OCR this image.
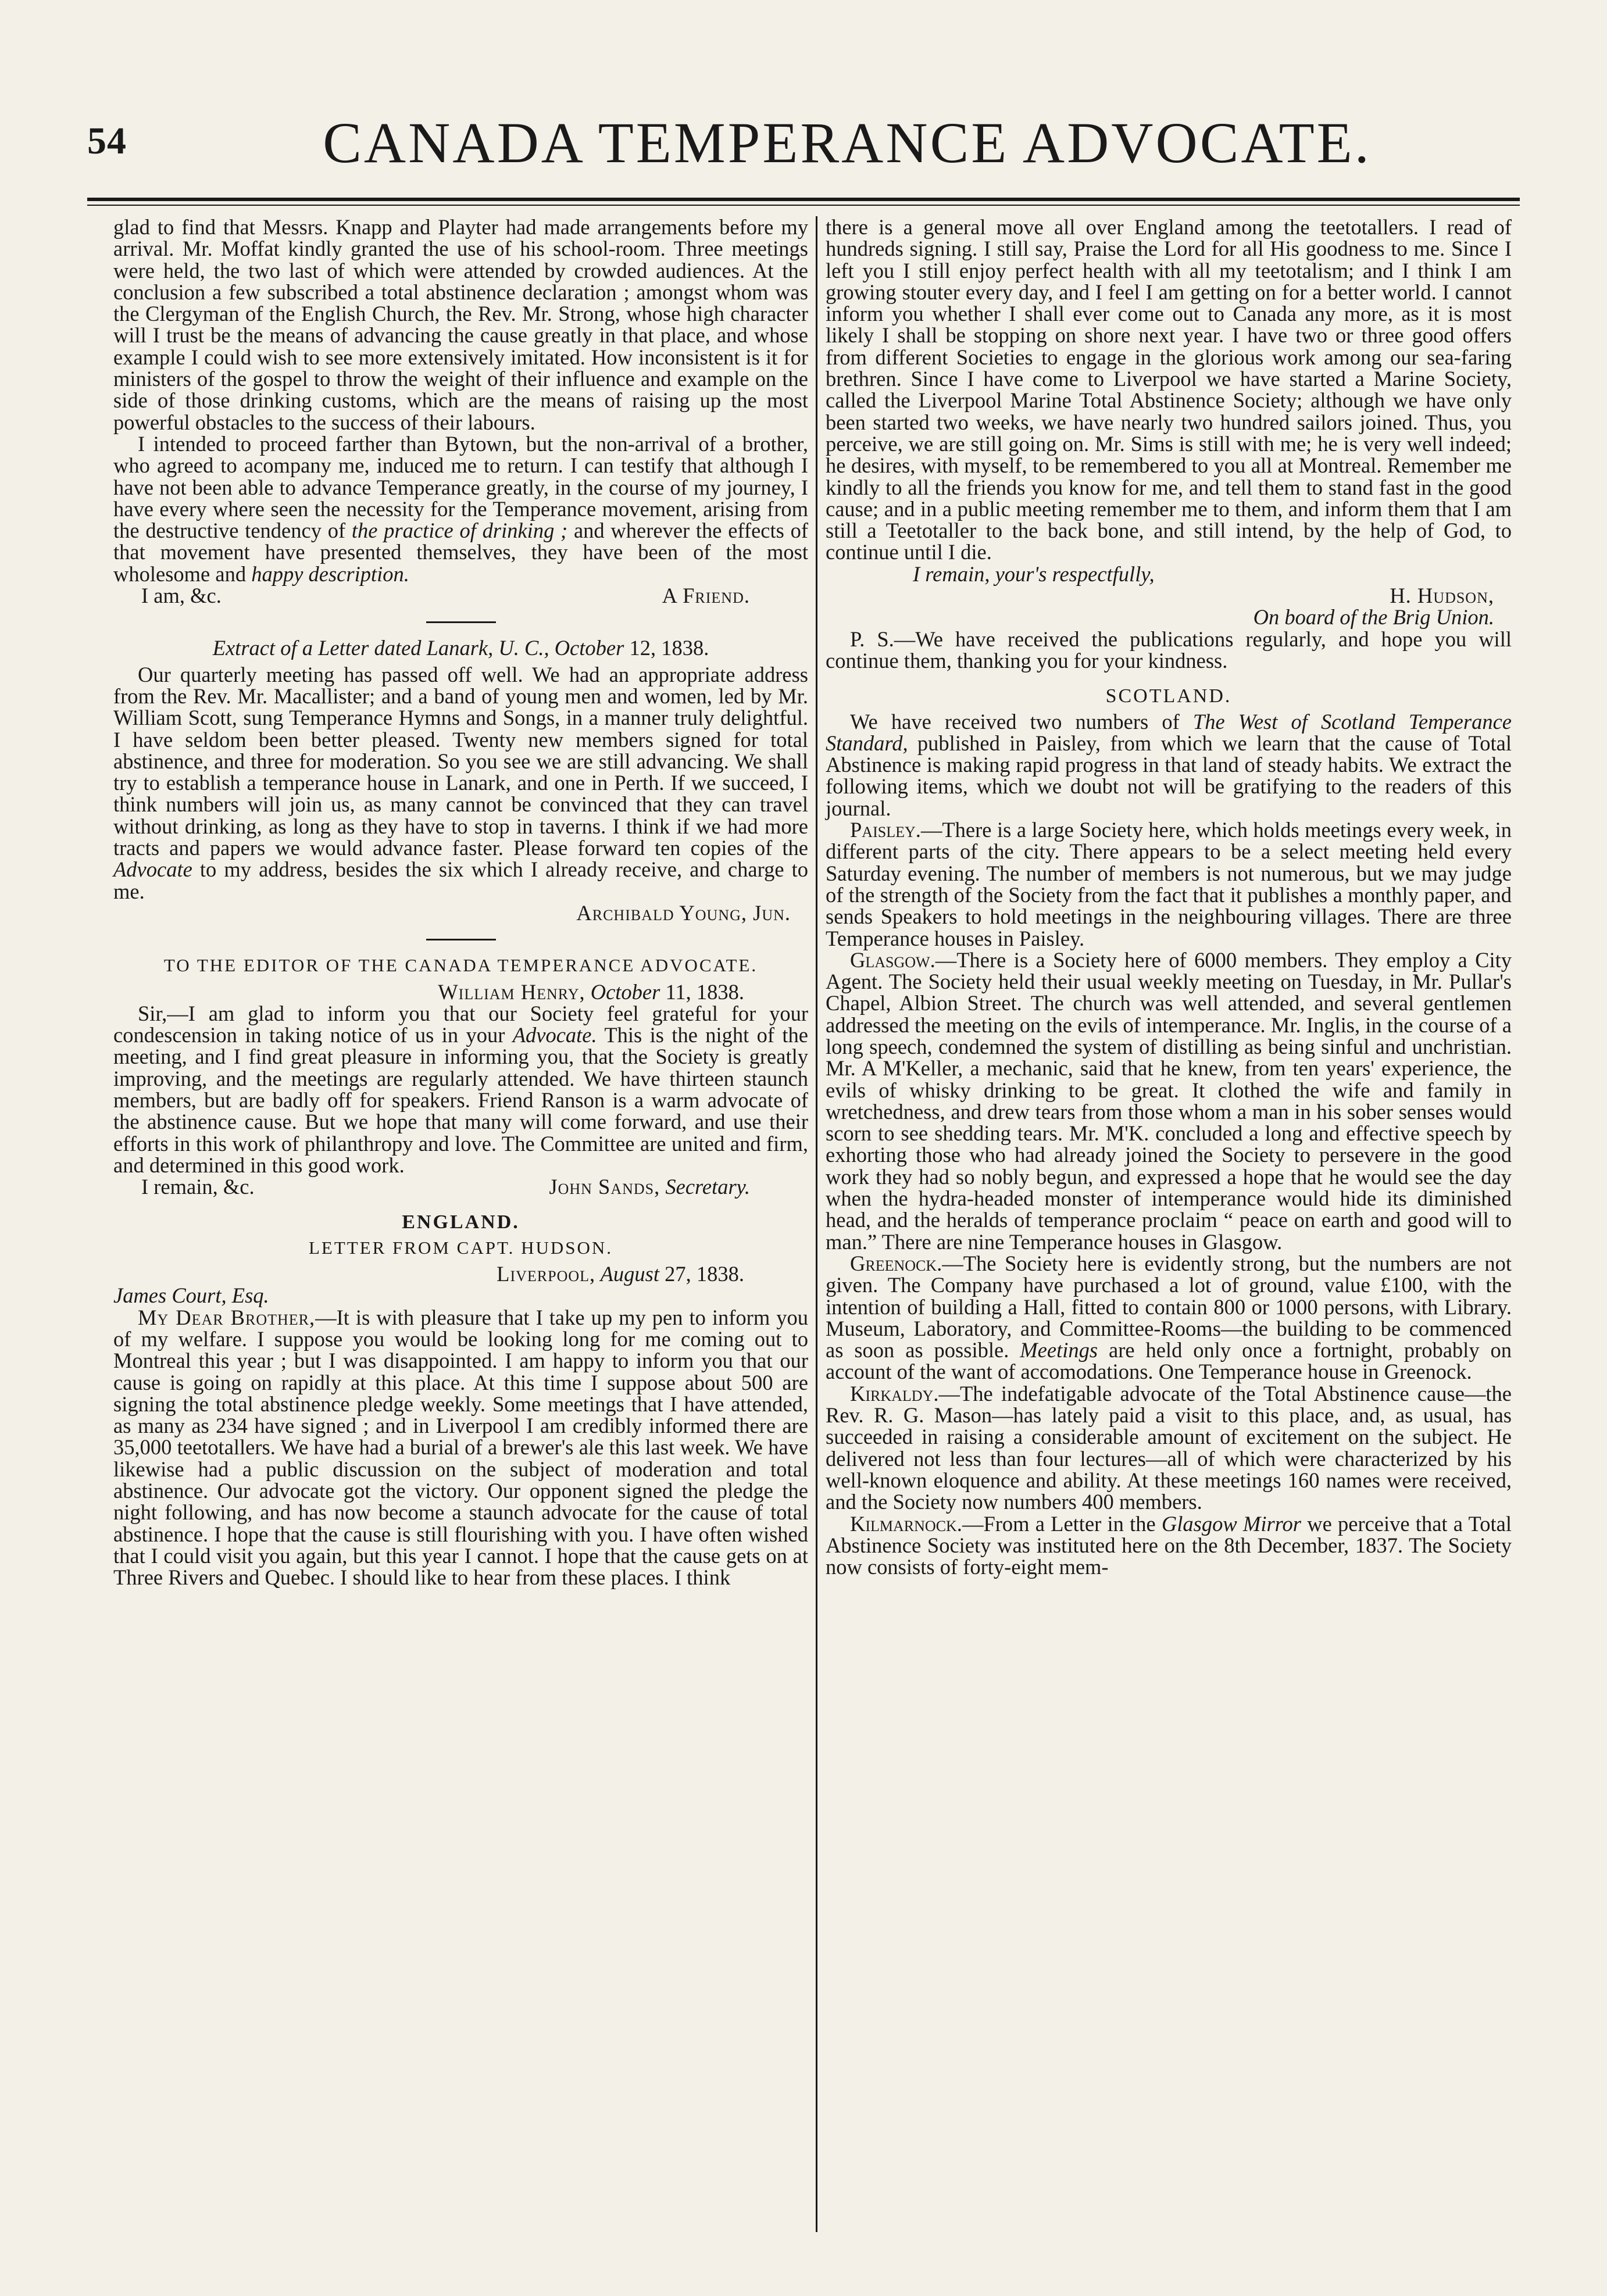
54	CANADA TEMPERANCE ADVOCATE.

glad to find that Messrs. Knapp and Playter had made arrangements before my arrival. Mr. Moffat kindly granted the use of his school-room. Three meetings were held, the two last of which were attended by crowded audiences. At the conclusion a few subscribed a total abstinence declaration ; amongst whom was the Clergyman of the English Church, the Rev. Mr. Strong, whose high character will I trust be the means of advancing the cause greatly in that place, and whose example I could wish to see more extensively imitated. How inconsistent is it for ministers of the gospel to throw the weight of their influence and example on the side of those drinking customs, which are the means of raising up the most powerful obstacles to the success of their labours.

I intended to proceed farther than Bytown, but the non-arrival of a brother, who agreed to acompany me, induced me to return. I can testify that although I have not been able to advance Temperance greatly, in the course of my journey, I have every where seen the necessity for the Temperance movement, arising from the destructive tendency of the practice of drinking ; and wherever the effects of that movement have presented themselves, they have been of the most wholesome and happy description.

I am, &c.	A Friend.

Extract of a Letter dated Lanark, U. C., October 12, 1838.

Our quarterly meeting has passed off well. We had an appropriate address from the Rev. Mr. Macallister; and a band of young men and women, led by Mr. William Scott, sung Temperance Hymns and Songs, in a manner truly delightful. I have seldom been better pleased. Twenty new members signed for total abstinence, and three for moderation. So you see we are still advancing. We shall try to establish a temperance house in Lanark, and one in Perth. If we succeed, I think numbers will join us, as many cannot be convinced that they can travel without drinking, as long as they have to stop in taverns. I think if we had more tracts and papers we would advance faster. Please forward ten copies of the Advocate to my address, besides the six which I already receive, and charge to me.

Archibald Young, Jun.

TO THE EDITOR OF THE CANADA TEMPERANCE ADVOCATE.

William Henry, October 11, 1838.

Sir,—I am glad to inform you that our Society feel grateful for your condescension in taking notice of us in your Advocate. This is the night of the meeting, and I find great pleasure in informing you, that the Society is greatly improving, and the meetings are regularly attended. We have thirteen staunch members, but are badly off for speakers. Friend Ranson is a warm advocate of the abstinence cause. But we hope that many will come forward, and use their efforts in this work of philanthropy and love. The Committee are united and firm, and determined in this good work.

I remain, &c.	John Sands, Secretary.

ENGLAND.

LETTER FROM CAPT. HUDSON.

Liverpool, August 27, 1838.

James Court, Esq.

My Dear Brother,—It is with pleasure that I take up my pen to inform you of my welfare. I suppose you would be looking long for me coming out to Montreal this year ; but I was disappointed. I am happy to inform you that our cause is going on rapidly at this place. At this time I suppose about 500 are signing the total abstinence pledge weekly. Some meetings that I have attended, as many as 234 have signed ; and in Liverpool I am credibly informed there are 35,000 teetotallers. We have had a burial of a brewer's ale this last week. We have likewise had a public discussion on the subject of moderation and total abstinence. Our advocate got the victory. Our opponent signed the pledge the night following, and has now become a staunch advocate for the cause of total abstinence. I hope that the cause is still flourishing with you. I have often wished that I could visit you again, but this year I cannot. I hope that the cause gets on at Three Rivers and Quebec. I should like to hear from these places. I think

there is a general move all over England among the teetotallers. I read of hundreds signing. I still say, Praise the Lord for all His goodness to me. Since I left you I still enjoy perfect health with all my teetotalism; and I think I am growing stouter every day, and I feel I am getting on for a better world. I cannot inform you whether I shall ever come out to Canada any more, as it is most likely I shall be stopping on shore next year. I have two or three good offers from different Societies to engage in the glorious work among our sea-faring brethren. Since I have come to Liverpool we have started a Marine Society, called the Liverpool Marine Total Abstinence Society; although we have only been started two weeks, we have nearly two hundred sailors joined. Thus, you perceive, we are still going on. Mr. Sims is still with me; he is very well indeed; he desires, with myself, to be remembered to you all at Montreal. Remember me kindly to all the friends you know for me, and tell them to stand fast in the good cause; and in a public meeting remember me to them, and inform them that I am still a Teetotaller to the back bone, and still intend, by the help of God, to continue until I die.

I remain, your's respectfully,

H. Hudson,

On board of the Brig Union.

P. S.—We have received the publications regularly, and hope you will continue them, thanking you for your kindness.

SCOTLAND.

We have received two numbers of The West of Scotland Temperance Standard, published in Paisley, from which we learn that the cause of Total Abstinence is making rapid progress in that land of steady habits. We extract the following items, which we doubt not will be gratifying to the readers of this journal.

Paisley.—There is a large Society here, which holds meetings every week, in different parts of the city. There appears to be a select meeting held every Saturday evening. The number of members is not numerous, but we may judge of the strength of the Society from the fact that it publishes a monthly paper, and sends Speakers to hold meetings in the neighbouring villages. There are three Temperance houses in Paisley.

Glasgow.—There is a Society here of 6000 members. They employ a City Agent. The Society held their usual weekly meeting on Tuesday, in Mr. Pullar's Chapel, Albion Street. The church was well attended, and several gentlemen addressed the meeting on the evils of intemperance. Mr. Inglis, in the course of a long speech, condemned the system of distilling as being sinful and unchristian. Mr. A M'Keller, a mechanic, said that he knew, from ten years' experience, the evils of whisky drinking to be great. It clothed the wife and family in wretchedness, and drew tears from those whom a man in his sober senses would scorn to see shedding tears. Mr. M'K. concluded a long and effective speech by exhorting those who had already joined the Society to persevere in the good work they had so nobly begun, and expressed a hope that he would see the day when the hydra-headed monster of intemperance would hide its diminished head, and the heralds of temperance proclaim “ peace on earth and good will to man.” There are nine Temperance houses in Glasgow.

Greenock.—The Society here is evidently strong, but the numbers are not given. The Company have purchased a lot of ground, value £100, with the intention of building a Hall, fitted to contain 800 or 1000 persons, with Library. Museum, Laboratory, and Committee-Rooms—the building to be commenced as soon as possible. Meetings are held only once a fortnight, probably on account of the want of accomodations. One Temperance house in Greenock.

Kirkaldy.—The indefatigable advocate of the Total Abstinence cause—the Rev. R. G. Mason—has lately paid a visit to this place, and, as usual, has succeeded in raising a considerable amount of excitement on the subject. He delivered not less than four lectures—all of which were characterized by his well-known eloquence and ability. At these meetings 160 names were received, and the Society now numbers 400 members.

Kilmarnock.—From a Letter in the Glasgow Mirror we perceive that a Total Abstinence Society was instituted here on the 8th December, 1837. The Society now consists of forty-eight mem-
